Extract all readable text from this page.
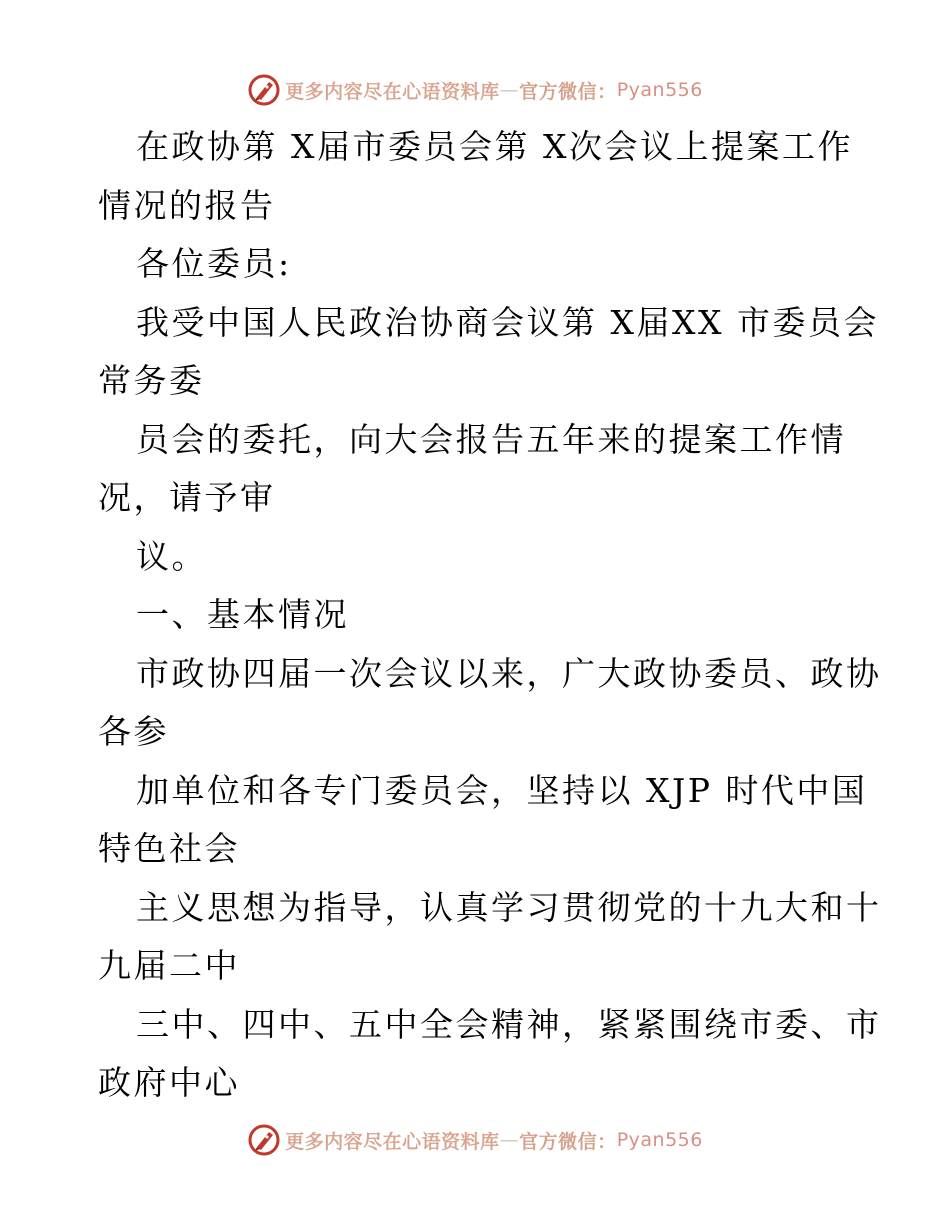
更多内容尽在心语资料库 — 官方微信： Pyan556
在政协第 X届市委员会第 X次会议上提案工作
情况的报告
各位委员:
我受中国人民政治协商会议第 X届XX 市委员会
常务委
员会的委托，向大会报告五年来的提案工作情
况，请予审
议。
一、基本情况
市政协四届一次会议以来，广大政协委员、政协
各参
加单位和各专门委员会，坚持以 XJP 时代中国
特色社会
主义思想为指导，认真学习贯彻党的十九大和十
九届二中
三中、四中、五中全会精神，紧紧围绕市委、市
政府中心
更多内容尽在心语资料库 — 官方微信： Pyan556
